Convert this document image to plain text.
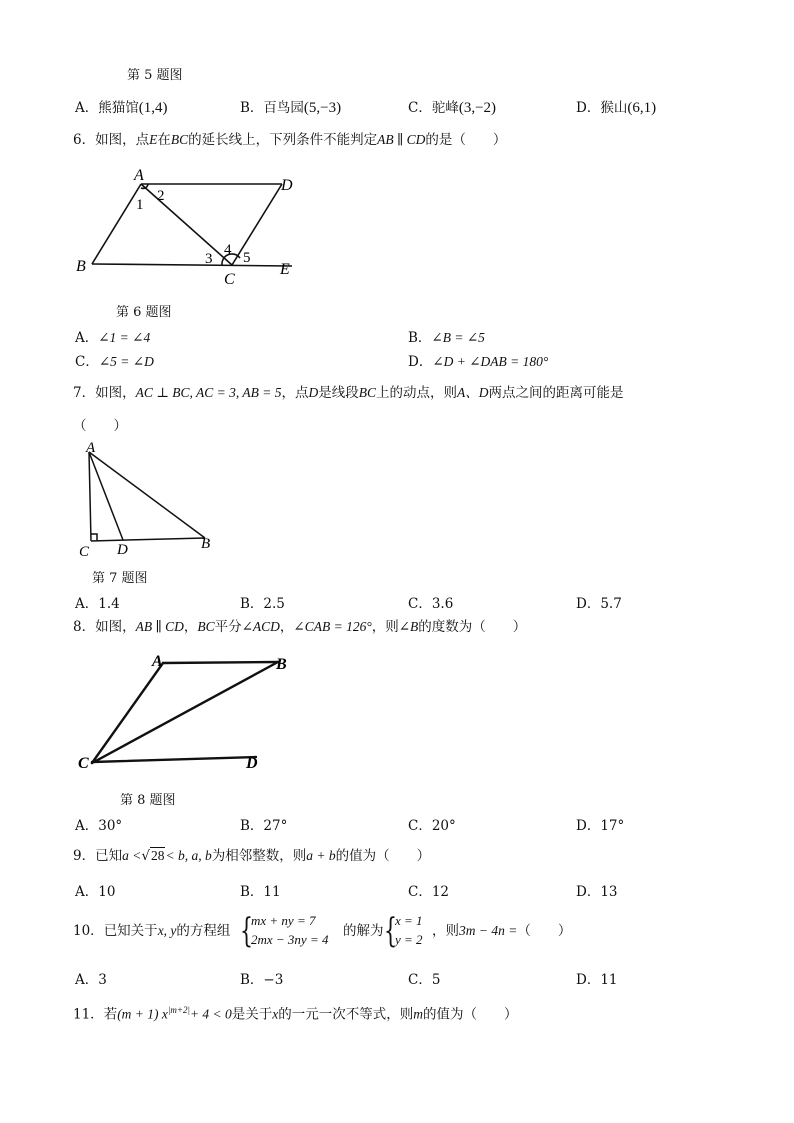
第 5 题图
A．熊猫馆(1,4)	B．百鸟园(5,−3)	C．驼峰(3,−2)	D．猴山(6,1)
6．如图，点E在BC的延长线上，下列条件不能判定AB ∥ CD的是（　　）
A
B
C
D
E
1
2
3
4 5
第 6 题图
A．∠1 = ∠4	B．∠B = ∠5
C．∠5 = ∠D	D．∠D + ∠DAB = 180°
7．如图，AC ⊥ BC, AC = 3, AB = 5，点D是线段BC上的动点，则A、D两点之间的距离可能是
（　　）
A
C D	B
第 7 题图
A．1.4	B．2.5	C．3.6	D．5.7
8．如图，AB ∥ CD，BC平分∠ACD，∠CAB = 126°，则∠B的度数为（　　）
A	B
C	D
第 8 题图
A．30°	B．27°	C．20°	D．17°
9．已知a <√28< b, a, b为相邻整数，则a + b的值为（　　）
A．10	B．11	C．12	D．13
10．已知关于x, y的方程组 {
mx + ny = 7
2mx − 3ny = 4
的解为 {
x = 1
y = 2
，则3m − 4n =（　　）
A．3	B．−3	C．5	D．11
11．若(m + 1) $x^{|m+2|}+ 4 < 0$是关于x的一元一次不等式，则m的值为（　　）
